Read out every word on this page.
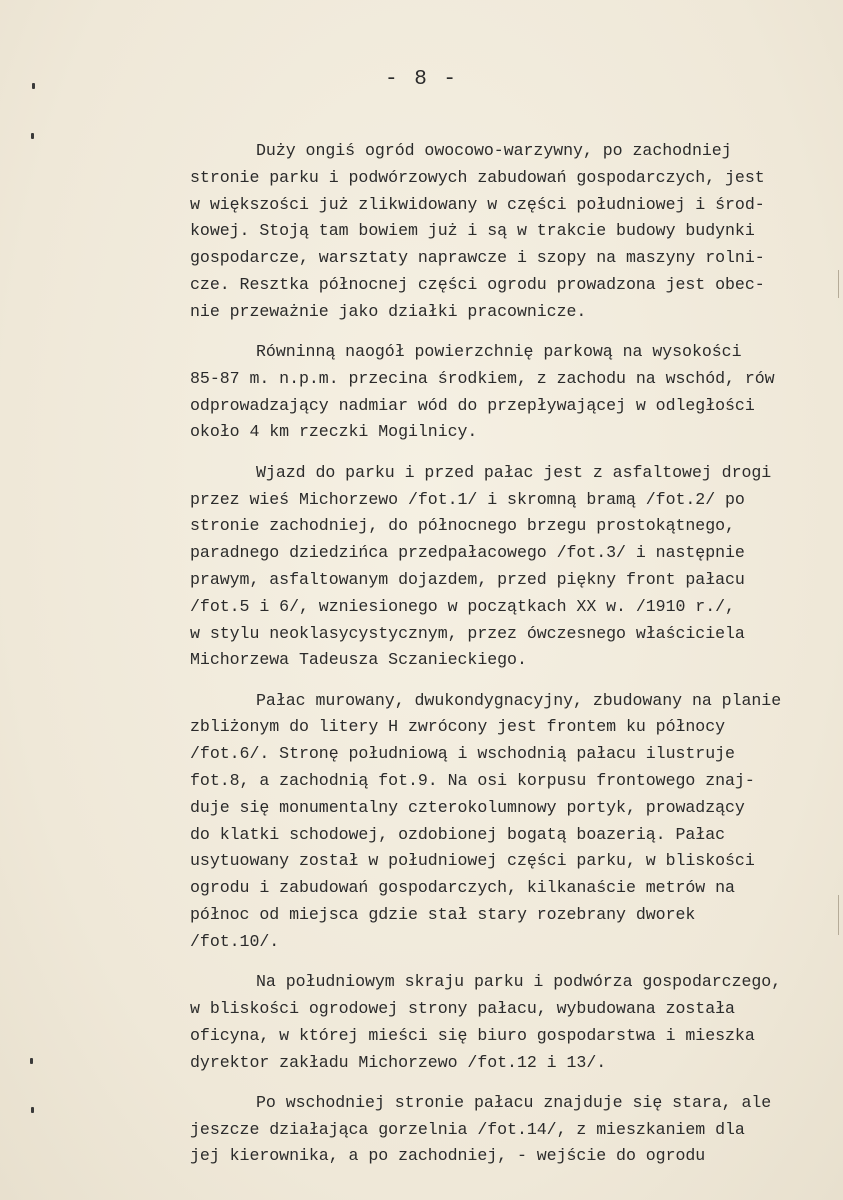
- 8 -

Duży ongiś ogród owocowo-warzywny, po zachodniej
stronie parku i podwórzowych zabudowań gospodarczych, jest
w większości już zlikwidowany w części południowej i środ-
kowej. Stoją tam bowiem już i są w trakcie budowy budynki
gospodarcze, warsztaty naprawcze i szopy na maszyny rolni-
cze. Resztka północnej części ogrodu prowadzona jest obec-
nie przeważnie jako działki pracownicze.

Równinną naogół powierzchnię parkową na wysokości
85-87 m. n.p.m. przecina środkiem, z zachodu na wschód, rów
odprowadzający nadmiar wód do przepływającej w odległości
około 4 km rzeczki Mogilnicy.

Wjazd do parku i przed pałac jest z asfaltowej drogi
przez wieś Michorzewo /fot.1/ i skromną bramą /fot.2/ po
stronie zachodniej, do północnego brzegu prostokątnego,
paradnego dziedzińca przedpałacowego /fot.3/ i następnie
prawym, asfaltowanym dojazdem, przed piękny front pałacu
/fot.5 i 6/, wzniesionego w początkach XX w. /1910 r./,
w stylu neoklasycystycznym, przez ówczesnego właściciela
Michorzewa Tadeusza Sczanieckiego.

Pałac murowany, dwukondygnacyjny, zbudowany na planie
zbliżonym do litery H zwrócony jest frontem ku północy
/fot.6/. Stronę południową i wschodnią pałacu ilustruje
fot.8, a zachodnią fot.9. Na osi korpusu frontowego znaj-
duje się monumentalny czterokolumnowy portyk, prowadzący
do klatki schodowej, ozdobionej bogatą boazerią. Pałac
usytuowany został w południowej części parku, w bliskości
ogrodu i zabudowań gospodarczych, kilkanaście metrów na
północ od miejsca gdzie stał stary rozebrany dworek
/fot.10/.

Na południowym skraju parku i podwórza gospodarczego,
w bliskości ogrodowej strony pałacu, wybudowana została
oficyna, w której mieści się biuro gospodarstwa i mieszka
dyrektor zakładu Michorzewo /fot.12 i 13/.

Po wschodniej stronie pałacu znajduje się stara, ale
jeszcze działająca gorzelnia /fot.14/, z mieszkaniem dla
jej kierownika, a po zachodniej, - wejście do ogrodu
